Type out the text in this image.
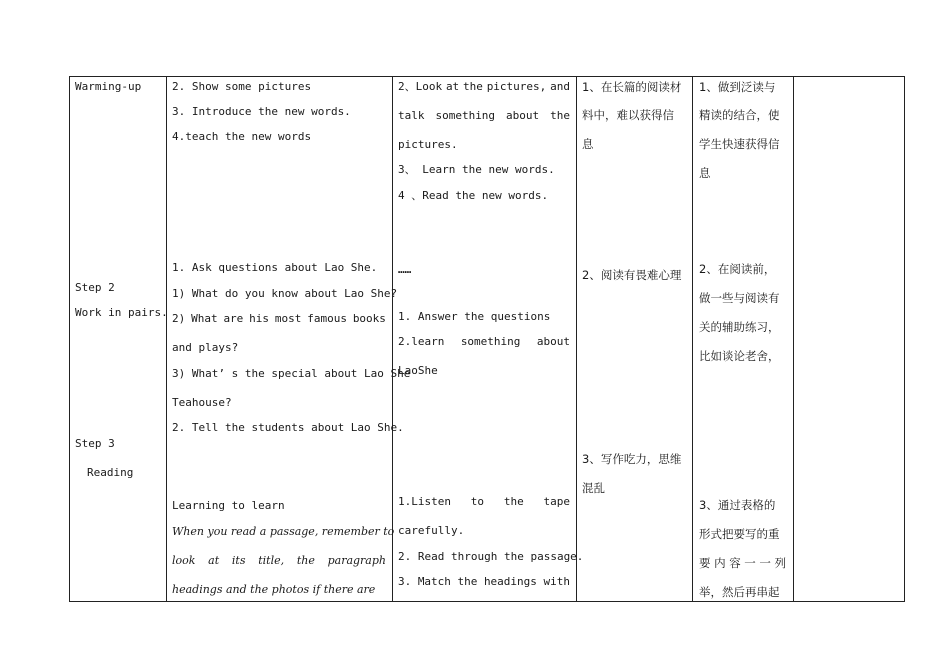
Warming-up
Step 2
Work in pairs.
Step 3
Reading
2. Show some pictures
3. Introduce the new words.
4.teach the new words
1. Ask questions about Lao She.
1) What do you know about Lao She?
2) What are his most famous books
and plays?
3) What’ s the special about Lao She
Teahouse?
2. Tell the students about Lao She.
Learning to learn
When you read a passage, remember to
look at its title, the paragraph
headings and the photos if there are
2、Look at the pictures, and
talk something about the
pictures.
3、 Learn the new words.
4 、Read the new words.
……
1. Answer the questions
2.learn something about
LaoShe
1.Listen to the tape
carefully.
2. Read through the passage.
3. Match the headings with
1、在长篇的阅读材
料中，难以获得信
息
2、阅读有畏难心理
3、写作吃力，思维
混乱
1、做到泛读与
精读的结合，使
学生快速获得信
息
2、在阅读前，
做一些与阅读有
关的辅助练习，
比如谈论老舍，
3、通过表格的
形式把要写的重
要 内 容 一 一 列
举，然后再串起
